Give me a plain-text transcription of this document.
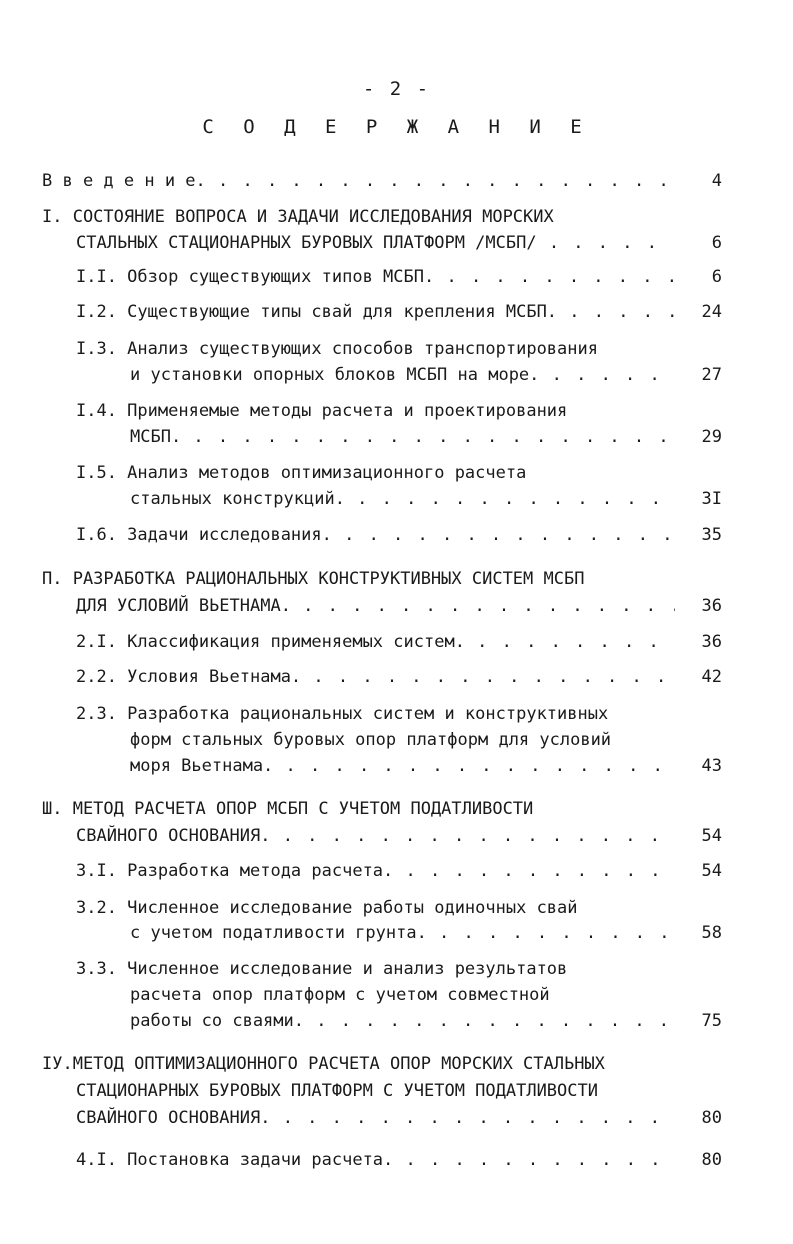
- 2 -
С О Д Е Р Ж А Н И Е
В в е д е н и е. . . .	4
I. СОСТОЯНИЕ ВОПРОСА И ЗАДАЧИ ИССЛЕДОВАНИЯ МОРСКИХ
СТАЛЬНЫХ СТАЦИОНАРНЫХ БУРОВЫХ ПЛАТФОРМ /МСБП/ . . .	6
I.I. Обзор существующих типов МСБП. . . .	6
I.2. Существующие типы свай для крепления МСБП. . . .	24
I.3. Анализ существующих способов транспортирования
и установки опорных блоков МСБП на море. . . .	27
I.4. Применяемые методы расчета и проектирования
МСБП. . . .	29
I.5. Анализ методов оптимизационного расчета
стальных конструкций. . . .	3I
I.6. Задачи исследования. . . .	35
П. РАЗРАБОТКА РАЦИОНАЛЬНЫХ КОНСТРУКТИВНЫХ СИСТЕМ МСБП
ДЛЯ УСЛОВИЙ ВЬЕТНАМА. . . .	36
2.I. Классификация применяемых систем. . . .	36
2.2. Условия Вьетнама. . . .	42
2.3. Разработка рациональных систем и конструктивных
форм стальных буровых опор платформ для условий
моря Вьетнама. . . .	43
Ш. МЕТОД РАСЧЕТА ОПОР МСБП С УЧЕТОМ ПОДАТЛИВОСТИ
СВАЙНОГО ОСНОВАНИЯ. . . .	54
3.I. Разработка метода расчета. . . .	54
3.2. Численное исследование работы одиночных свай
с учетом податливости грунта. . . .	58
3.3. Численное исследование и анализ результатов
расчета опор платформ с учетом совместной
работы со сваями. . . .	75
IУ.МЕТОД ОПТИМИЗАЦИОННОГО РАСЧЕТА ОПОР МОРСКИХ СТАЛЬНЫХ
СТАЦИОНАРНЫХ БУРОВЫХ ПЛАТФОРМ С УЧЕТОМ ПОДАТЛИВОСТИ
СВАЙНОГО ОСНОВАНИЯ. . . .	80
4.I. Постановка задачи расчета. . . .	80
